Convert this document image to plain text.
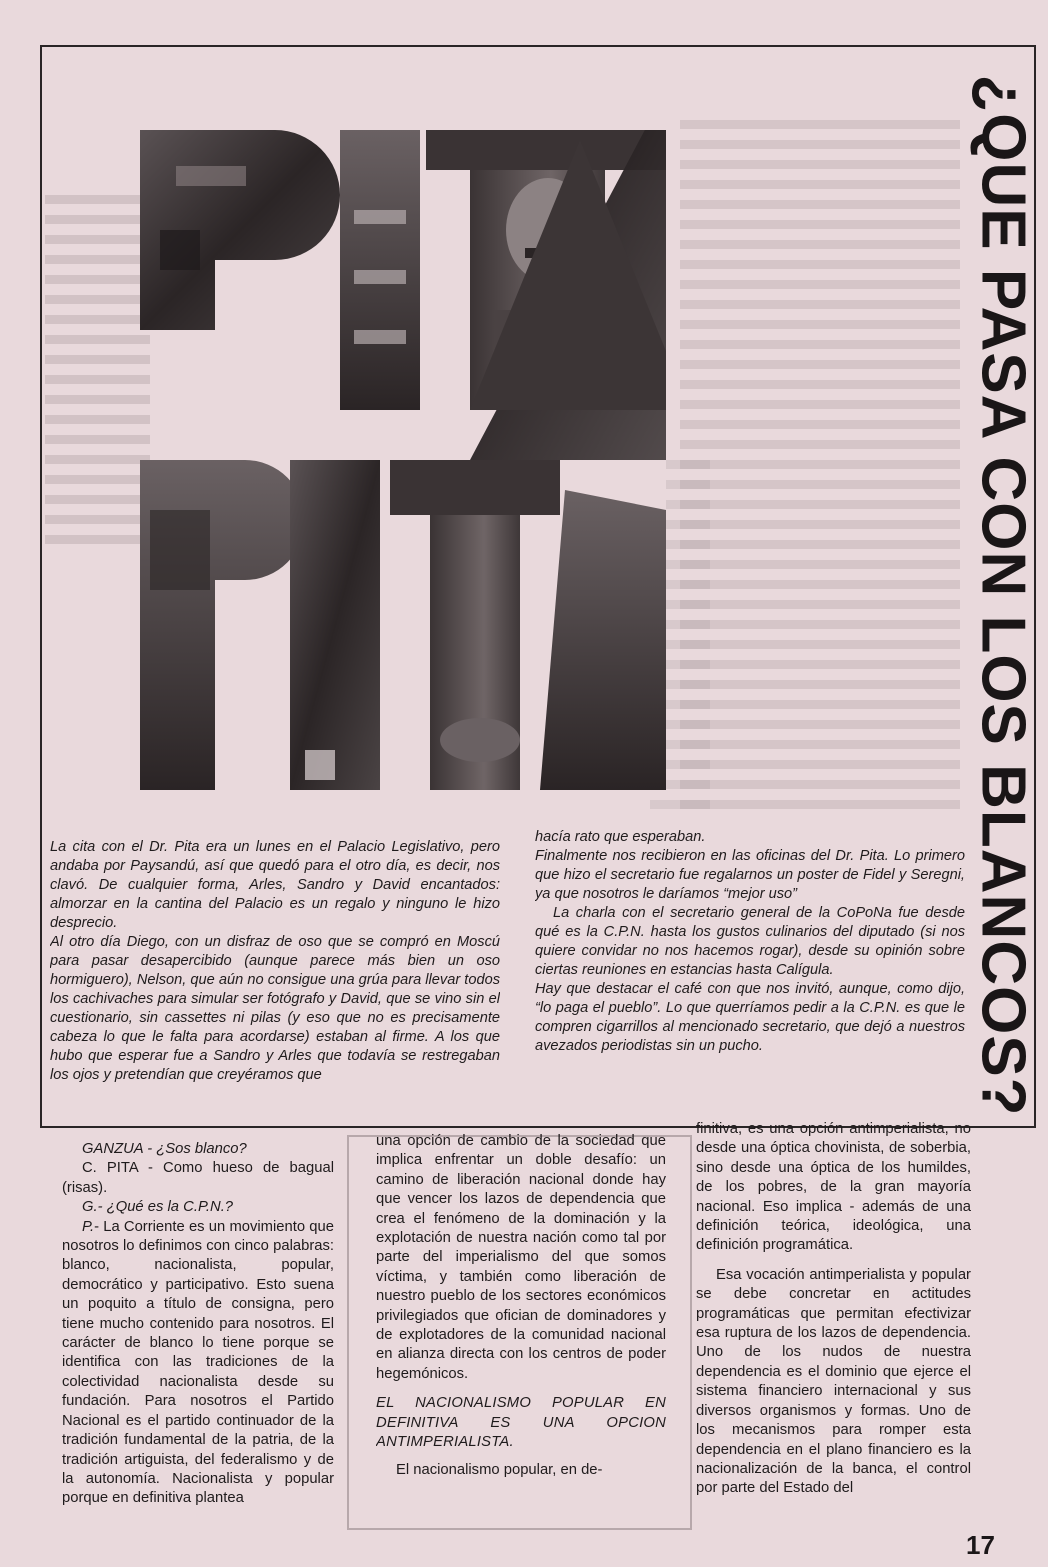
¿QUE PASA CON LOS BLANCOS?

La cita con el Dr. Pita era un lunes en el Palacio Legislativo, pero andaba por Paysandú, así que quedó para el otro día, es decir, nos clavó. De cualquier forma, Arles, Sandro y David encantados: almorzar en la cantina del Palacio es un regalo y ninguno le hizo desprecio.

Al otro día Diego, con un disfraz de oso que se compró en Moscú para pasar desapercibido (aunque parece más bien un oso hormiguero), Nelson, que aún no consigue una grúa para llevar todos los cachivaches para simular ser fotógrafo y David, que se vino sin el cuestionario, sin cassettes ni pilas (y eso que no es precisamente cabeza lo que le falta para acordarse) estaban al firme. A los que hubo que esperar fue a Sandro y Arles que todavía se restregaban los ojos y pretendían que creyéramos que

hacía rato que esperaban.

Finalmente nos recibieron en las oficinas del Dr. Pita. Lo primero que hizo el secretario fue regalarnos un poster de Fidel y Seregni, ya que nosotros le daríamos “mejor uso”

La charla con el secretario general de la CoPoNa fue desde qué es la C.P.N. hasta los gustos culinarios del diputado (si nos quiere convidar no nos hacemos rogar), desde su opinión sobre ciertas reuniones en estancias hasta Calígula.

Hay que destacar el café con que nos invitó, aunque, como dijo, “lo paga el pueblo”. Lo que querríamos pedir a la C.P.N. es que le compren cigarrillos al mencionado secretario, que dejó a nuestros avezados periodistas sin un pucho.

GANZUA - ¿Sos blanco?

C. PITA - Como hueso de bagual (risas).

G.- ¿Qué es la C.P.N.?

P.- La Corriente es un movimiento que nosotros lo definimos con cinco palabras: blanco, nacionalista, popular, democrático y participativo. Esto suena un poquito a título de consigna, pero tiene mucho contenido para nosotros. El carácter de blanco lo tiene porque se identifica con las tradiciones de la colectividad nacionalista desde su fundación. Para nosotros el Partido Nacional es el partido continuador de la tradición fundamental de la patria, de la tradición artiguista, del federalismo y de la autonomía. Nacionalista y popular porque en definitiva plantea

una opción de cambio de la sociedad que implica enfrentar un doble desafío: un camino de liberación nacional donde hay que vencer los lazos de dependencia que crea el fenómeno de la dominación y la explotación de nuestra nación como tal por parte del imperialismo del que somos víctima, y también como liberación de nuestro pueblo de los sectores económicos privilegiados que ofician de dominadores y de explotadores de la comunidad nacional en alianza directa con los centros de poder hegemónicos.

EL NACIONALISMO POPULAR EN DEFINITIVA ES UNA OPCION ANTIMPERIALISTA.

El nacionalismo popular, en de-

finitiva, es una opción antimperialista, no desde una óptica chovinista, de soberbia, sino desde una óptica de los humildes, de los pobres, de la gran mayoría nacional. Eso implica - además de una definición teórica, ideológica, una definición programática.

Esa vocación antimperialista y popular se debe concretar en actitudes programáticas que permitan efectivizar esa ruptura de los lazos de dependencia. Uno de los nudos de nuestra dependencia es el dominio que ejerce el sistema financiero internacional y sus diversos organismos y formas. Uno de los mecanismos para romper esta dependencia en el plano financiero es la nacionalización de la banca, el control por parte del Estado del

17
